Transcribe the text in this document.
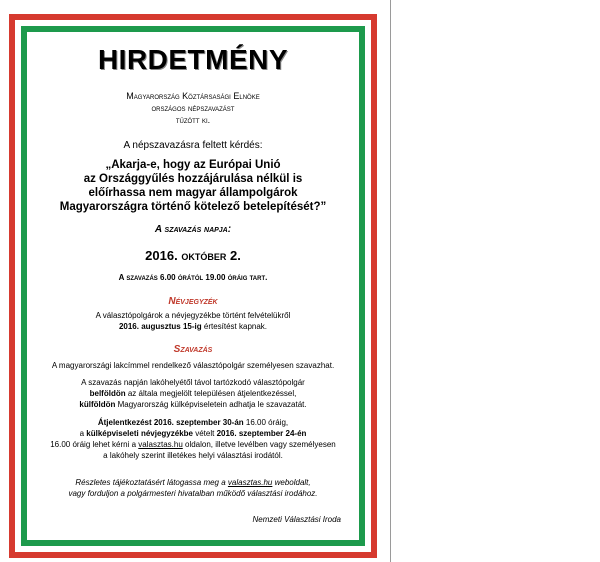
HIRDETMÉNY
Magyarország Köztársasági Elnöke
országos népszavazást
tűzött ki.
A népszavazásra feltett kérdés:
„Akarja-e, hogy az Európai Unió
az Országgyűlés hozzájárulása nélkül is
előírhassa nem magyar állampolgárok
Magyarországra történő kötelező betelepítését?”
A szavazás napja:
2016. október 2.
A szavazás 6.00 órától 19.00 óráig tart.
Névjegyzék
A választópolgárok a névjegyzékbe történt felvételükről
2016. augusztus 15-ig értesítést kapnak.
Szavazás
A magyarországi lakcímmel rendelkező választópolgár személyesen szavazhat.
A szavazás napján lakóhelyétől távol tartózkodó választópolgár
belföldön az általa megjelölt településen átjelentkezéssel,
külföldön Magyarország külképviseletein adhatja le szavazatát.
Átjelentkezést 2016. szeptember 30-án 16.00 óráig,
a külképviseleti névjegyzékbe vételt 2016. szeptember 24-én
16.00 óráig lehet kérni a valasztas.hu oldalon, illetve levélben vagy személyesen
a lakóhely szerint illetékes helyi választási irodától.
Részletes tájékoztatásért látogassa meg a valasztas.hu weboldalt,
vagy forduljon a polgármesteri hivatalban működő választási irodához.
Nemzeti Választási Iroda
